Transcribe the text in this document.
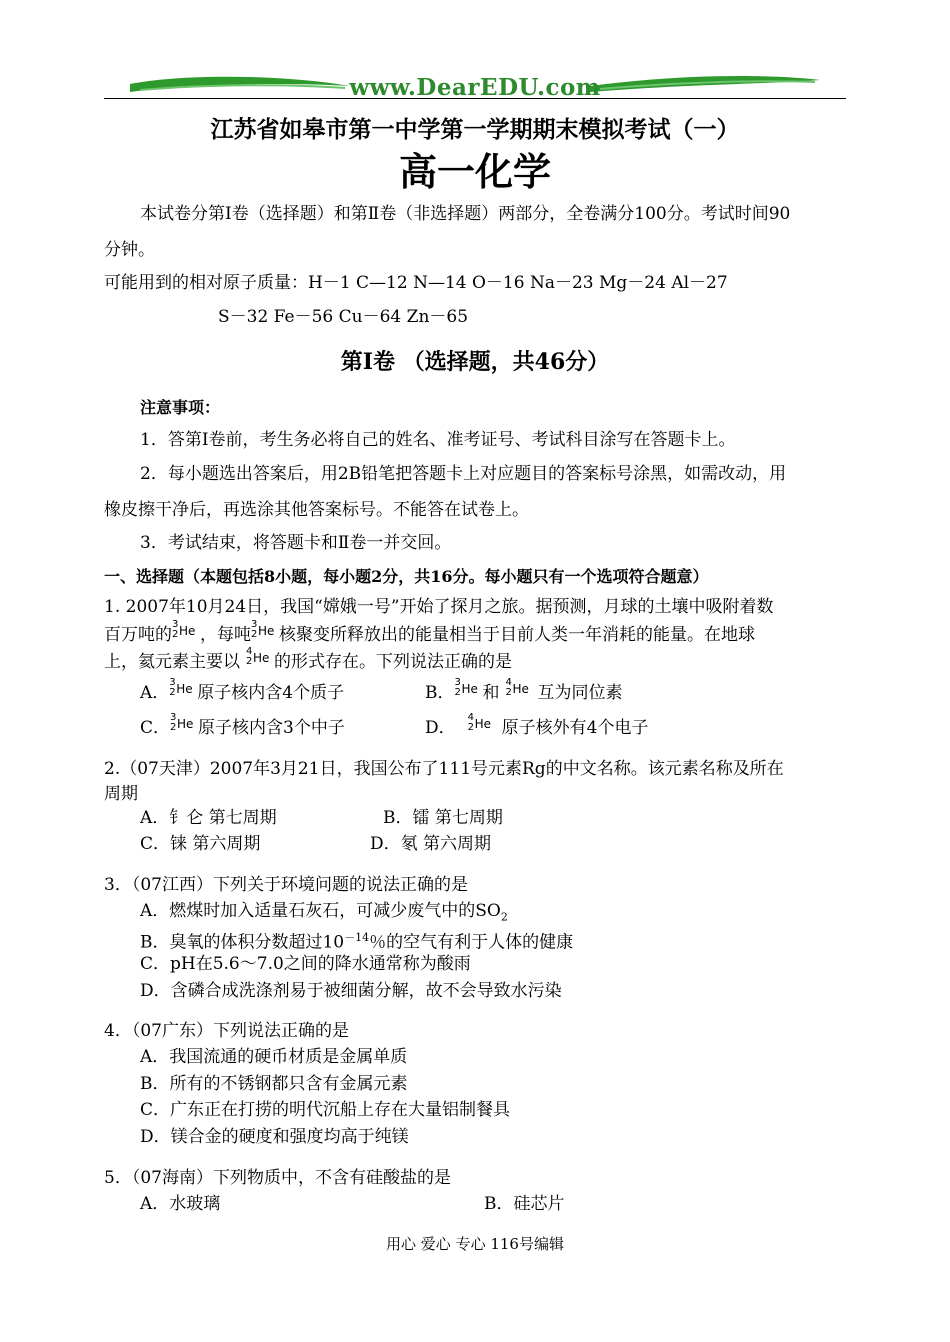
www.DearEDU.com
江苏省如皋市第一中学第一学期期末模拟考试（一）
高一化学
本试卷分第Ⅰ卷（选择题）和第Ⅱ卷（非选择题）两部分，全卷满分100分。考试时间90
分钟。
可能用到的相对原子质量：H－1 C—12 N—14 O－16 Na－23 Mg－24 Al－27
S－32 Fe－56 Cu－64 Zn－65
第Ⅰ卷 （选择题，共46分）
注意事项：
1．答第Ⅰ卷前，考生务必将自己的姓名、准考证号、考试科目涂写在答题卡上。
2．每小题选出答案后，用2B铅笔把答题卡上对应题目的答案标号涂黑，如需改动，用
橡皮擦干净后，再选涂其他答案标号。不能答在试卷上。
3．考试结束，将答题卡和Ⅱ卷一并交回。
一、选择题（本题包括8小题，每小题2分，共16分。每小题只有一个选项符合题意）
1. 2007年10月24日，我国“嫦娥一号”开始了探月之旅。据预测，月球的土壤中吸附着数
百万吨的
3
2 He ，每吨
3
2 He 核聚变所释放出的能量相当于目前人类一年消耗的能量。在地球
上，氦元素主要以
4
2 He 的形式存在。下列说法正确的是
A．
3
2 He 原子核内含4个质子	B．
3
2 He 和
4
2 He 互为同位素
C．
3
2 He 原子核内含3个中子	D．
4
2 He 原子核外有4个电子
2.（07天津）2007年3月21日，我国公布了111号元素Rg的中文名称。该元素名称及所在
周期
A．钅仑 第七周期	B．镭 第七周期
C．铼 第六周期	D．氡 第六周期
3．（07江西）下列关于环境问题的说法正确的是
A．燃煤时加入适量石灰石，可减少废气中的$SO_2$
B．臭氧的体积分数超过$10^{-14}$％的空气有利于人体的健康
C．pH在5.6～7.0之间的降水通常称为酸雨
D．含磷合成洗涤剂易于被细菌分解，故不会导致水污染
4．（07广东）下列说法正确的是
A．我国流通的硬币材质是金属单质
B．所有的不锈钢都只含有金属元素
C．广东正在打捞的明代沉船上存在大量铝制餐具
D．镁合金的硬度和强度均高于纯镁
5．（07海南）下列物质中，不含有硅酸盐的是
A．水玻璃	B．硅芯片
用心 爱心 专心 116号编辑
